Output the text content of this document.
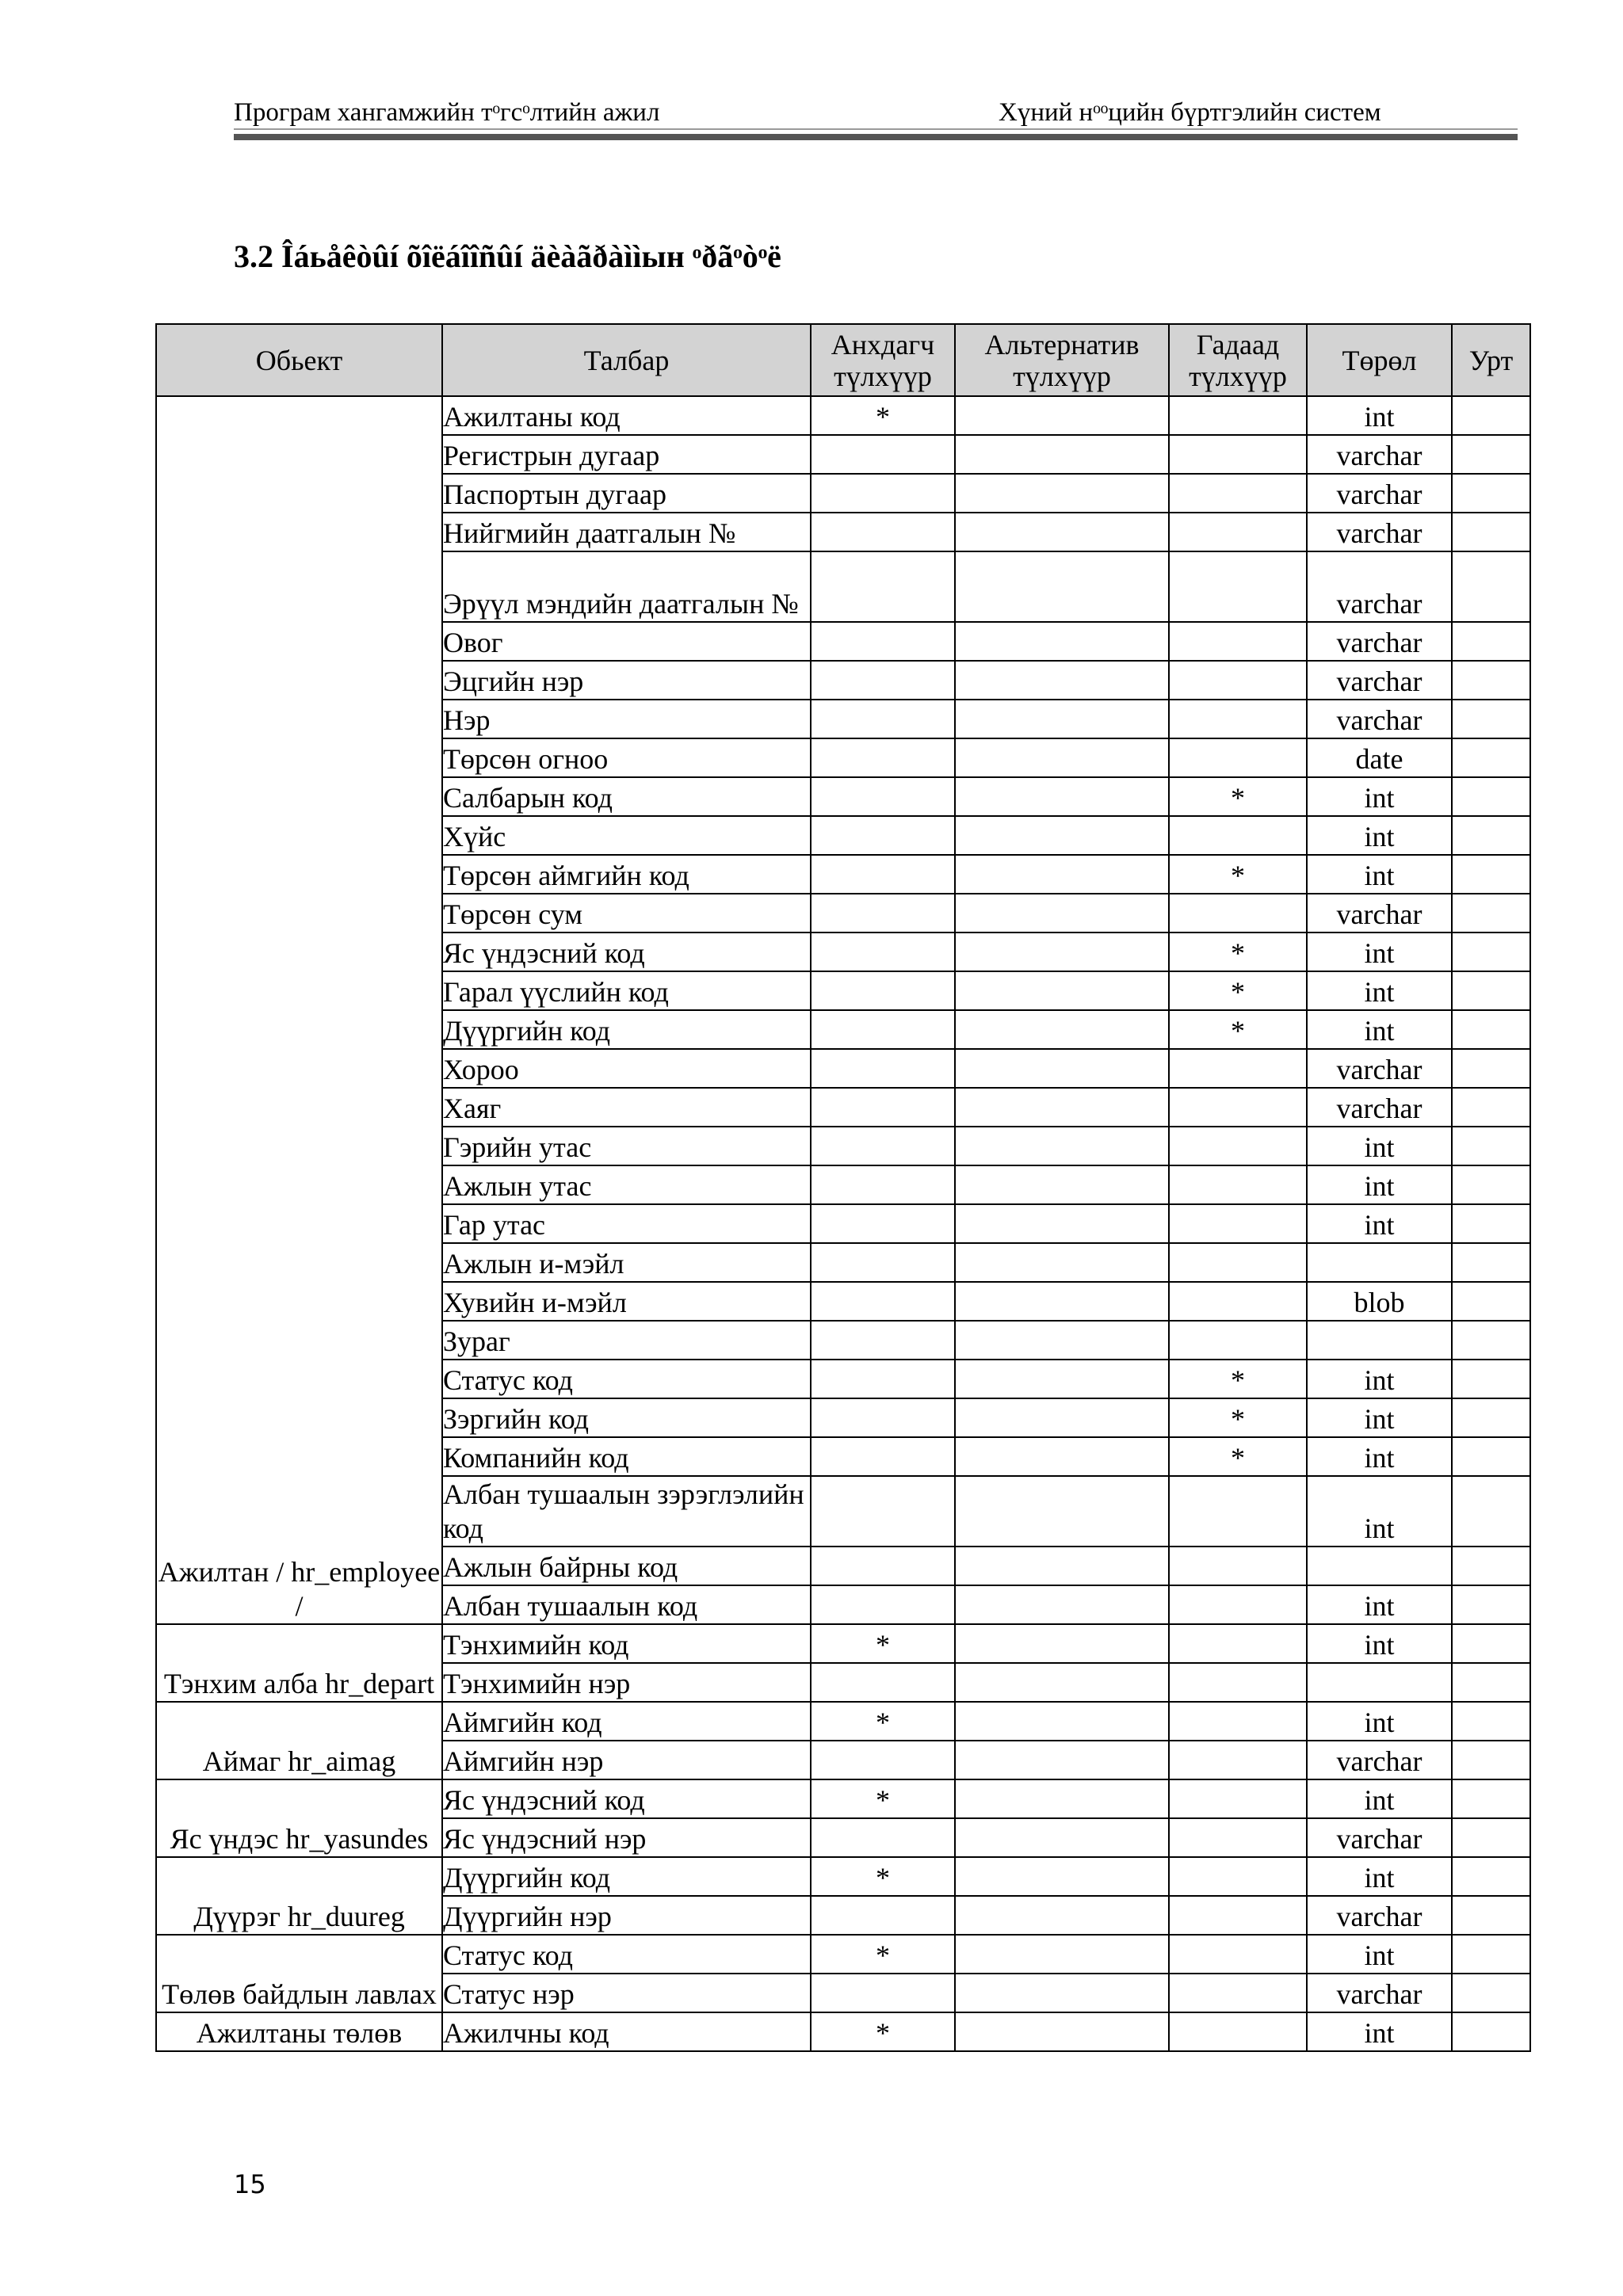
Програм хангамжийн тᵒгсᵒлтийн ажил	Хүний нᵒᵒцийн бүртгэлийн систем
3.2 Îáьåêòûí õîëáîîñûí äèàãðàììын ᵒðãᵒòᵒë
Обьект	Талбар	Анхдагч түлхүүр	Альтернатив түлхүүр	Гадаад түлхүүр	Төрөл	Урт
Ажилтан / hr_employee /	Ажилтаны код	*			int	
	Регистрын дугаар				varchar	
	Паспортын дугаар				varchar	
	Нийгмийн даатгалын №				varchar	
	Эрүүл мэндийн даатгалын №				varchar	
	Овог				varchar	
	Эцгийн нэр				varchar	
	Нэр				varchar	
	Төрсөн огноо				date	
	Салбарын код			*	int	
	Хүйс				int	
	Төрсөн аймгийн код			*	int	
	Төрсөн сум				varchar	
	Яс үндэсний код			*	int	
	Гарал үүслийн код			*	int	
	Дүүргийн код			*	int	
	Хороо				varchar	
	Хаяг				varchar	
	Гэрийн утас				int	
	Ажлын утас				int	
	Гар утас				int	
	Ажлын и-мэйл					
	Хувийн и-мэйл				blob	
	Зураг					
	Статус код			*	int	
	Зэргийн код			*	int	
	Компанийн код			*	int	
	Албан тушаалын зэрэглэлийн код				int	
	Ажлын байрны код					
	Албан тушаалын код				int	
Тэнхим алба hr_depart	Тэнхимийн код	*			int	
	Тэнхимийн нэр					
Аймаг hr_aimag	Аймгийн код	*			int	
	Аймгийн нэр				varchar	
Яс үндэс hr_yasundes	Яс үндэсний код	*			int	
	Яс үндэсний нэр				varchar	
Дүүрэг hr_duureg	Дүүргийн код	*			int	
	Дүүргийн нэр				varchar	
Төлөв байдлын лавлах	Статус код	*			int	
	Статус нэр				varchar	
Ажилтаны төлөв	Ажилчны код	*			int	
15
